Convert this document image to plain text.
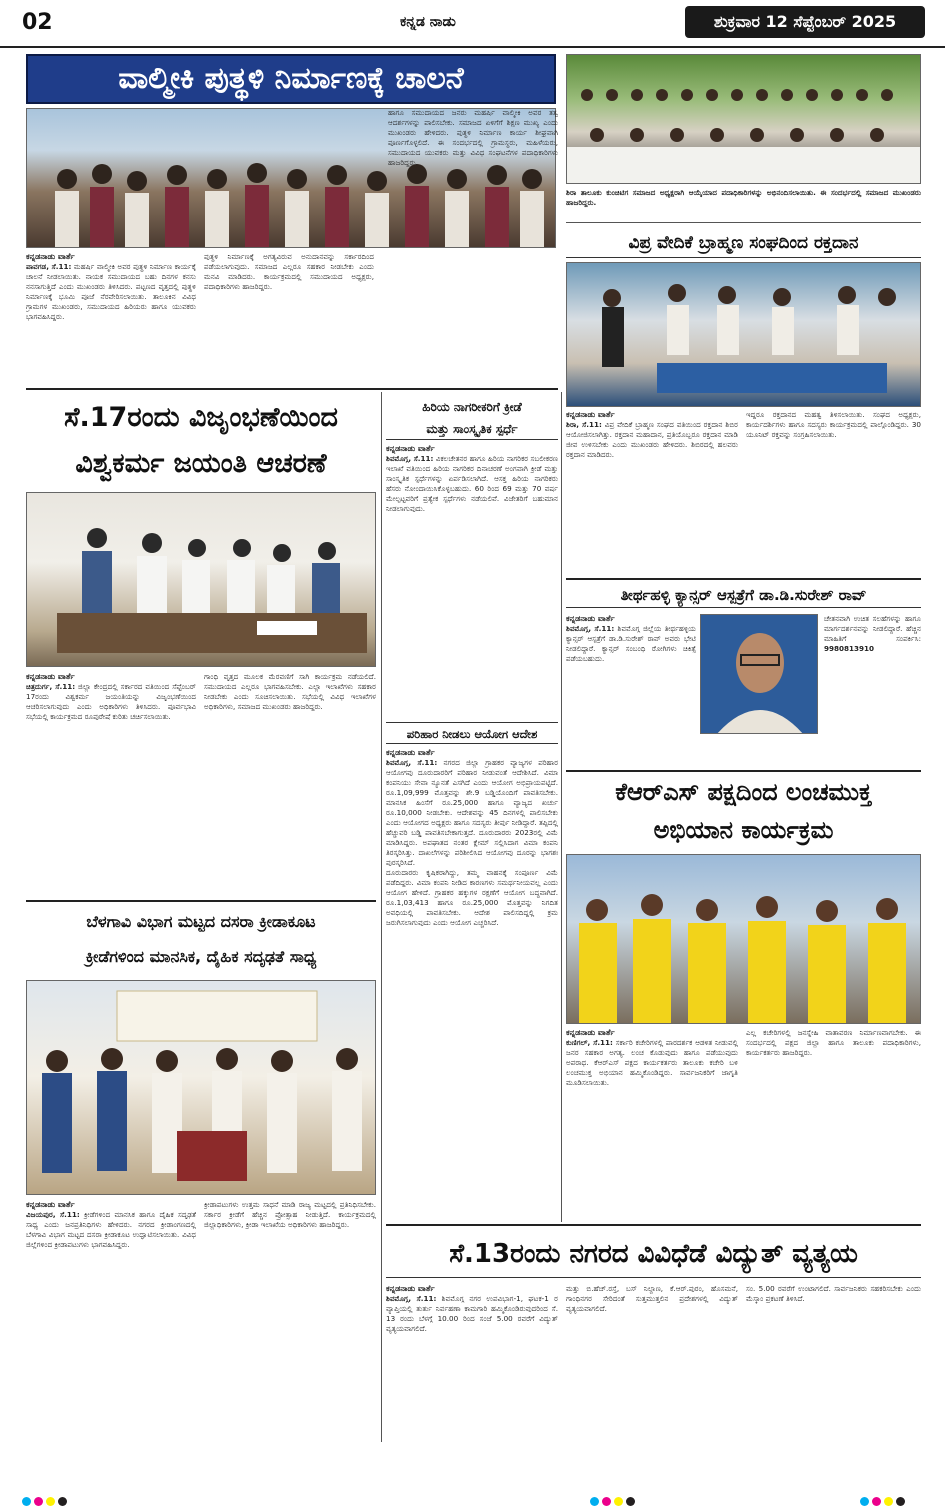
02	ಕನ್ನಡ ನಾಡು	ಶುಕ್ರವಾರ 12 ಸೆಪ್ಟೆಂಬರ್ 2025
ವಾಲ್ಮೀಕಿ ಪುತ್ಥಳಿ ನಿರ್ಮಾಣಕ್ಕೆ ಚಾಲನೆ
ಕನ್ನಡನಾಡು ವಾರ್ತೆ
ಪಾವಗಡ, ಸೆ.11: ಮಹರ್ಷಿ ವಾಲ್ಮೀಕಿ ಅವರ ಪುತ್ಥಳಿ ನಿರ್ಮಾಣ ಕಾರ್ಯಕ್ಕೆ ಚಾಲನೆ ನೀಡಲಾಯಿತು. ನಾಯಕ ಸಮುದಾಯದ ಬಹು ದಿನಗಳ ಕನಸು ನನಸಾಗುತ್ತಿದೆ ಎಂದು ಮುಖಂಡರು ತಿಳಿಸಿದರು. ಪಟ್ಟಣದ ವೃತ್ತದಲ್ಲಿ ಪುತ್ಥಳಿ ನಿರ್ಮಾಣಕ್ಕೆ ಭೂಮಿ ಪೂಜೆ ನೆರವೇರಿಸಲಾಯಿತು. ತಾಲೂಕಿನ ವಿವಿಧ ಗ್ರಾಮಗಳ ಮುಖಂಡರು, ಸಮುದಾಯದ ಹಿರಿಯರು ಹಾಗೂ ಯುವಕರು ಭಾಗವಹಿಸಿದ್ದರು.
ಪುತ್ಥಳಿ ನಿರ್ಮಾಣಕ್ಕೆ ಅಗತ್ಯವಿರುವ ಅನುದಾನವನ್ನು ಸರ್ಕಾರದಿಂದ ಪಡೆಯಲಾಗುವುದು. ಸಮಾಜದ ಎಲ್ಲರೂ ಸಹಕಾರ ನೀಡಬೇಕು ಎಂದು ಮನವಿ ಮಾಡಿದರು. ಕಾರ್ಯಕ್ರಮದಲ್ಲಿ ಸಮುದಾಯದ ಅಧ್ಯಕ್ಷರು, ಪದಾಧಿಕಾರಿಗಳು ಹಾಜರಿದ್ದರು.
ಶಿರಾ ತಾಲೂಕು ಕುಂಚಿಟಿಗ ಸಮಾಜದ ಅಧ್ಯಕ್ಷರಾಗಿ ಆಯ್ಕೆಯಾದ ಪದಾಧಿಕಾರಿಗಳನ್ನು ಅಭಿನಂದಿಸಲಾಯಿತು. ಈ ಸಂದರ್ಭದಲ್ಲಿ ಸಮಾಜದ ಮುಖಂಡರು ಹಾಜರಿದ್ದರು.
ವಿಪ್ರ ವೇದಿಕೆ ಬ್ರಾಹ್ಮಣ ಸಂಘದಿಂದ ರಕ್ತದಾನ
ಕನ್ನಡನಾಡು ವಾರ್ತೆ
ಶಿರಾ, ಸೆ.11: ವಿಪ್ರ ವೇದಿಕೆ ಬ್ರಾಹ್ಮಣ ಸಂಘದ ವತಿಯಿಂದ ರಕ್ತದಾನ ಶಿಬಿರ ಆಯೋಜಿಸಲಾಗಿತ್ತು. ರಕ್ತದಾನ ಮಹಾದಾನ, ಪ್ರತಿಯೊಬ್ಬರೂ ರಕ್ತದಾನ ಮಾಡಿ ಜೀವ ಉಳಿಸಬೇಕು ಎಂದು ಮುಖಂಡರು ಹೇಳಿದರು. ಶಿಬಿರದಲ್ಲಿ ಹಲವರು ರಕ್ತದಾನ ಮಾಡಿದರು.
ಇದ್ದರೂ ರಕ್ತದಾನದ ಮಹತ್ವ ತಿಳಿಸಲಾಯಿತು. ಸಂಘದ ಅಧ್ಯಕ್ಷರು, ಕಾರ್ಯದರ್ಶಿಗಳು ಹಾಗೂ ಸದಸ್ಯರು ಕಾರ್ಯಕ್ರಮದಲ್ಲಿ ಪಾಲ್ಗೊಂಡಿದ್ದರು. 30 ಯೂನಿಟ್ ರಕ್ತವನ್ನು ಸಂಗ್ರಹಿಸಲಾಯಿತು.
ಹಾಗೂ ಸಮುದಾಯದ ಜನರು ಮಹರ್ಷಿ ವಾಲ್ಮೀಕಿ ಅವರ ತತ್ವ ಆದರ್ಶಗಳನ್ನು ಪಾಲಿಸಬೇಕು. ಸಮಾಜದ ಏಳಿಗೆಗೆ ಶಿಕ್ಷಣ ಮುಖ್ಯ ಎಂದು ಮುಖಂಡರು ಹೇಳಿದರು. ಪುತ್ಥಳಿ ನಿರ್ಮಾಣ ಕಾರ್ಯ ಶೀಘ್ರವಾಗಿ ಪೂರ್ಣಗೊಳ್ಳಲಿದೆ. ಈ ಸಂದರ್ಭದಲ್ಲಿ ಗ್ರಾಮಸ್ಥರು, ಮಹಿಳೆಯರು, ಸಮುದಾಯದ ಯುವಕರು ಮತ್ತು ವಿವಿಧ ಸಂಘಟನೆಗಳ ಪದಾಧಿಕಾರಿಗಳು ಹಾಜರಿದ್ದರು.
ಸೆ.17ರಂದು ವಿಜೃಂಭಣೆಯಿಂದ
ವಿಶ್ವಕರ್ಮ ಜಯಂತಿ ಆಚರಣೆ
ಕನ್ನಡನಾಡು ವಾರ್ತೆ
ಚಿತ್ರದುರ್ಗ, ಸೆ.11: ಜಿಲ್ಲಾ ಕೇಂದ್ರದಲ್ಲಿ ಸರ್ಕಾರದ ವತಿಯಿಂದ ಸೆಪ್ಟೆಂಬರ್ 17ರಂದು ವಿಶ್ವಕರ್ಮ ಜಯಂತಿಯನ್ನು ವಿಜೃಂಭಣೆಯಿಂದ ಆಚರಿಸಲಾಗುವುದು ಎಂದು ಅಧಿಕಾರಿಗಳು ತಿಳಿಸಿದರು. ಪೂರ್ವಭಾವಿ ಸಭೆಯಲ್ಲಿ ಕಾರ್ಯಕ್ರಮದ ರೂಪುರೇಷೆ ಕುರಿತು ಚರ್ಚಿಸಲಾಯಿತು.
ಗಾಂಧಿ ವೃತ್ತದ ಮೂಲಕ ಮೆರವಣಿಗೆ ಸಾಗಿ ಕಾರ್ಯಕ್ರಮ ನಡೆಯಲಿದೆ. ಸಮುದಾಯದ ಎಲ್ಲರೂ ಭಾಗವಹಿಸಬೇಕು. ಎಲ್ಲಾ ಇಲಾಖೆಗಳು ಸಹಕಾರ ನೀಡಬೇಕು ಎಂದು ಸೂಚಿಸಲಾಯಿತು. ಸಭೆಯಲ್ಲಿ ವಿವಿಧ ಇಲಾಖೆಗಳ ಅಧಿಕಾರಿಗಳು, ಸಮಾಜದ ಮುಖಂಡರು ಹಾಜರಿದ್ದರು.
ಹಿರಿಯ ನಾಗರೀಕರಿಗೆ ಕ್ರೀಡೆ
ಮತ್ತು ಸಾಂಸ್ಕೃತಿಕ ಸ್ಪರ್ಧೆ
ಕನ್ನಡನಾಡು ವಾರ್ತೆ
ಶಿವಮೊಗ್ಗ, ಸೆ.11: ವಿಕಲಚೇತನರ ಹಾಗೂ ಹಿರಿಯ ನಾಗರಿಕರ ಸಬಲೀಕರಣ ಇಲಾಖೆ ವತಿಯಿಂದ ಹಿರಿಯ ನಾಗರಿಕರ ದಿನಾಚರಣೆ ಅಂಗವಾಗಿ ಕ್ರೀಡೆ ಮತ್ತು ಸಾಂಸ್ಕೃತಿಕ ಸ್ಪರ್ಧೆಗಳನ್ನು ಏರ್ಪಡಿಸಲಾಗಿದೆ. ಆಸಕ್ತ ಹಿರಿಯ ನಾಗರಿಕರು ಹೆಸರು ನೋಂದಾಯಿಸಿಕೊಳ್ಳಬಹುದು. 60 ರಿಂದ 69 ಮತ್ತು 70 ವರ್ಷ ಮೇಲ್ಪಟ್ಟವರಿಗೆ ಪ್ರತ್ಯೇಕ ಸ್ಪರ್ಧೆಗಳು ನಡೆಯಲಿವೆ. ವಿಜೇತರಿಗೆ ಬಹುಮಾನ ನೀಡಲಾಗುವುದು.
ಪರಿಹಾರ ನೀಡಲು ಆಯೋಗ ಆದೇಶ
ಕನ್ನಡನಾಡು ವಾರ್ತೆ
ಶಿವಮೊಗ್ಗ, ಸೆ.11: ನಗರದ ಜಿಲ್ಲಾ ಗ್ರಾಹಕರ ವ್ಯಾಜ್ಯಗಳ ಪರಿಹಾರ ಆಯೋಗವು ದೂರುದಾರರಿಗೆ ಪರಿಹಾರ ನೀಡುವಂತೆ ಆದೇಶಿಸಿದೆ. ವಿಮಾ ಕಂಪನಿಯು ಸೇವಾ ನ್ಯೂನತೆ ಎಸಗಿದೆ ಎಂದು ಆಯೋಗ ಅಭಿಪ್ರಾಯಪಟ್ಟಿದೆ. ರೂ.1,09,999 ಮೊತ್ತವನ್ನು ಶೇ.9 ಬಡ್ಡಿಯೊಂದಿಗೆ ಪಾವತಿಸಬೇಕು. ಮಾನಸಿಕ ಹಿಂಸೆಗೆ ರೂ.25,000 ಹಾಗೂ ವ್ಯಾಜ್ಯದ ಖರ್ಚು ರೂ.10,000 ನೀಡಬೇಕು. ಆದೇಶವನ್ನು 45 ದಿನಗಳಲ್ಲಿ ಪಾಲಿಸಬೇಕು ಎಂದು ಆಯೋಗದ ಅಧ್ಯಕ್ಷರು ಹಾಗೂ ಸದಸ್ಯರು ತೀರ್ಪು ನೀಡಿದ್ದಾರೆ. ತಪ್ಪಿದಲ್ಲಿ ಹೆಚ್ಚುವರಿ ಬಡ್ಡಿ ಪಾವತಿಸಬೇಕಾಗುತ್ತದೆ. ದೂರುದಾರರು 2023ರಲ್ಲಿ ವಿಮೆ ಮಾಡಿಸಿದ್ದರು. ಅಪಘಾತದ ನಂತರ ಕ್ಲೇಮ್ ಸಲ್ಲಿಸಿದಾಗ ವಿಮಾ ಕಂಪನಿ ತಿರಸ್ಕರಿಸಿತ್ತು. ದಾಖಲೆಗಳನ್ನು ಪರಿಶೀಲಿಸಿದ ಆಯೋಗವು ದೂರನ್ನು ಭಾಗಶಃ ಪುರಸ್ಕರಿಸಿದೆ.
ದೂರುದಾರರು ಕೃಷಿಕರಾಗಿದ್ದು, ತಮ್ಮ ವಾಹನಕ್ಕೆ ಸಂಪೂರ್ಣ ವಿಮೆ ಪಡೆದಿದ್ದರು. ವಿಮಾ ಕಂಪನಿ ನೀಡಿದ ಕಾರಣಗಳು ಸಮರ್ಥನೀಯವಲ್ಲ ಎಂದು ಆಯೋಗ ಹೇಳಿದೆ. ಗ್ರಾಹಕರ ಹಕ್ಕುಗಳ ರಕ್ಷಣೆಗೆ ಆಯೋಗ ಬದ್ಧವಾಗಿದೆ. ರೂ.1,03,413 ಹಾಗೂ ರೂ.25,000 ಮೊತ್ತವನ್ನು ನಿಗದಿತ ಅವಧಿಯಲ್ಲಿ ಪಾವತಿಸಬೇಕು. ಆದೇಶ ಪಾಲಿಸದಿದ್ದಲ್ಲಿ ಕ್ರಮ ಜರುಗಿಸಲಾಗುವುದು ಎಂದು ಆಯೋಗ ಎಚ್ಚರಿಸಿದೆ.
ತೀರ್ಥಹಳ್ಳಿ ಕ್ಯಾನ್ಸರ್ ಆಸ್ಪತ್ರೆಗೆ ಡಾ.ಡಿ.ಸುರೇಶ್ ರಾವ್
ಕನ್ನಡನಾಡು ವಾರ್ತೆ
ಶಿವಮೊಗ್ಗ, ಸೆ.11: ಶಿವಮೊಗ್ಗ ಜಿಲ್ಲೆಯ ತೀರ್ಥಹಳ್ಳಿಯ ಕ್ಯಾನ್ಸರ್ ಆಸ್ಪತ್ರೆಗೆ ಡಾ.ಡಿ.ಸುರೇಶ್ ರಾವ್ ಅವರು ಭೇಟಿ ನೀಡಲಿದ್ದಾರೆ. ಕ್ಯಾನ್ಸರ್ ಸಂಬಂಧಿ ರೋಗಿಗಳು ಚಿಕಿತ್ಸೆ ಪಡೆಯಬಹುದು.
ಚೇತನವಾಗಿ ಉಚಿತ ಸಲಹೆಗಳನ್ನು ಹಾಗೂ ಮಾರ್ಗದರ್ಶನವನ್ನು ನೀಡಲಿದ್ದಾರೆ. ಹೆಚ್ಚಿನ ಮಾಹಿತಿಗೆ ಸಂಪರ್ಕಿಸಿ: 9980813910
ಕೆಆರ್‌ಎಸ್ ಪಕ್ಷದಿಂದ ಲಂಚಮುಕ್ತ
ಅಭಿಯಾನ ಕಾರ್ಯಕ್ರಮ
ಕನ್ನಡನಾಡು ವಾರ್ತೆ
ಕುಣಿಗಲ್, ಸೆ.11: ಸರ್ಕಾರಿ ಕಚೇರಿಗಳಲ್ಲಿ ಪಾರದರ್ಶಕ ಆಡಳಿತ ನೀಡುವಲ್ಲಿ ಜನರ ಸಹಕಾರ ಅಗತ್ಯ. ಲಂಚ ಕೊಡುವುದು ಹಾಗೂ ಪಡೆಯುವುದು ಅಪರಾಧ. ಕೆಆರ್‌ಎಸ್ ಪಕ್ಷದ ಕಾರ್ಯಕರ್ತರು ತಾಲೂಕು ಕಚೇರಿ ಬಳಿ ಲಂಚಮುಕ್ತ ಅಭಿಯಾನ ಹಮ್ಮಿಕೊಂಡಿದ್ದರು. ಸಾರ್ವಜನಿಕರಿಗೆ ಜಾಗೃತಿ ಮೂಡಿಸಲಾಯಿತು.
ಎಲ್ಲ ಕಚೇರಿಗಳಲ್ಲಿ ಜನಸ್ನೇಹಿ ವಾತಾವರಣ ನಿರ್ಮಾಣವಾಗಬೇಕು. ಈ ಸಂದರ್ಭದಲ್ಲಿ ಪಕ್ಷದ ಜಿಲ್ಲಾ ಹಾಗೂ ತಾಲೂಕು ಪದಾಧಿಕಾರಿಗಳು, ಕಾರ್ಯಕರ್ತರು ಹಾಜರಿದ್ದರು.
ಬೆಳಗಾವಿ ವಿಭಾಗ ಮಟ್ಟದ ದಸರಾ ಕ್ರೀಡಾಕೂಟ
ಕ್ರೀಡೆಗಳಿಂದ ಮಾನಸಿಕ, ದೈಹಿಕ ಸದೃಢತೆ ಸಾಧ್ಯ
ಕನ್ನಡನಾಡು ವಾರ್ತೆ
ವಿಜಯಪುರ, ಸೆ.11: ಕ್ರೀಡೆಗಳಿಂದ ಮಾನಸಿಕ ಹಾಗೂ ದೈಹಿಕ ಸದೃಢತೆ ಸಾಧ್ಯ ಎಂದು ಜನಪ್ರತಿನಿಧಿಗಳು ಹೇಳಿದರು. ನಗರದ ಕ್ರೀಡಾಂಗಣದಲ್ಲಿ ಬೆಳಗಾವಿ ವಿಭಾಗ ಮಟ್ಟದ ದಸರಾ ಕ್ರೀಡಾಕೂಟ ಉದ್ಘಾಟಿಸಲಾಯಿತು. ವಿವಿಧ ಜಿಲ್ಲೆಗಳಿಂದ ಕ್ರೀಡಾಪಟುಗಳು ಭಾಗವಹಿಸಿದ್ದರು.
ಕ್ರೀಡಾಪಟುಗಳು ಉತ್ತಮ ಸಾಧನೆ ಮಾಡಿ ರಾಜ್ಯ ಮಟ್ಟದಲ್ಲಿ ಪ್ರತಿನಿಧಿಸಬೇಕು. ಸರ್ಕಾರ ಕ್ರೀಡೆಗೆ ಹೆಚ್ಚಿನ ಪ್ರೋತ್ಸಾಹ ನೀಡುತ್ತಿದೆ. ಕಾರ್ಯಕ್ರಮದಲ್ಲಿ ಜಿಲ್ಲಾಧಿಕಾರಿಗಳು, ಕ್ರೀಡಾ ಇಲಾಖೆಯ ಅಧಿಕಾರಿಗಳು ಹಾಜರಿದ್ದರು.
ಸೆ.13ರಂದು ನಗರದ ವಿವಿಧೆಡೆ ವಿದ್ಯುತ್ ವ್ಯತ್ಯಯ
ಕನ್ನಡನಾಡು ವಾರ್ತೆ
ಶಿವಮೊಗ್ಗ, ಸೆ.11: ಶಿವಮೊಗ್ಗ ನಗರ ಉಪವಿಭಾಗ-1, ಘಟಕ-1 ರ ವ್ಯಾಪ್ತಿಯಲ್ಲಿ ತುರ್ತು ನಿರ್ವಹಣಾ ಕಾಮಗಾರಿ ಹಮ್ಮಿಕೊಂಡಿರುವುದರಿಂದ ಸೆ. 13 ರಂದು ಬೆಳಗ್ಗೆ 10.00 ರಿಂದ ಸಂಜೆ 5.00 ರವರೆಗೆ ವಿದ್ಯುತ್ ವ್ಯತ್ಯಯವಾಗಲಿದೆ.
ಮತ್ತು ಬಿ.ಹೆಚ್.ರಸ್ತೆ, ಬಸ್ ನಿಲ್ದಾಣ, ಕೆ.ಆರ್.ಪುರಂ, ಹೊಸಮನೆ, ಗಾಂಧಿನಗರ ಸೇರಿದಂತೆ ಸುತ್ತಮುತ್ತಲಿನ ಪ್ರದೇಶಗಳಲ್ಲಿ ವಿದ್ಯುತ್ ವ್ಯತ್ಯಯವಾಗಲಿದೆ.
ಸಂ. 5.00 ರವರೆಗೆ ಉಂಟಾಗಲಿದೆ. ಸಾರ್ವಜನಿಕರು ಸಹಕರಿಸಬೇಕು ಎಂದು ಮೆಸ್ಕಾಂ ಪ್ರಕಟಣೆ ತಿಳಿಸಿದೆ.
